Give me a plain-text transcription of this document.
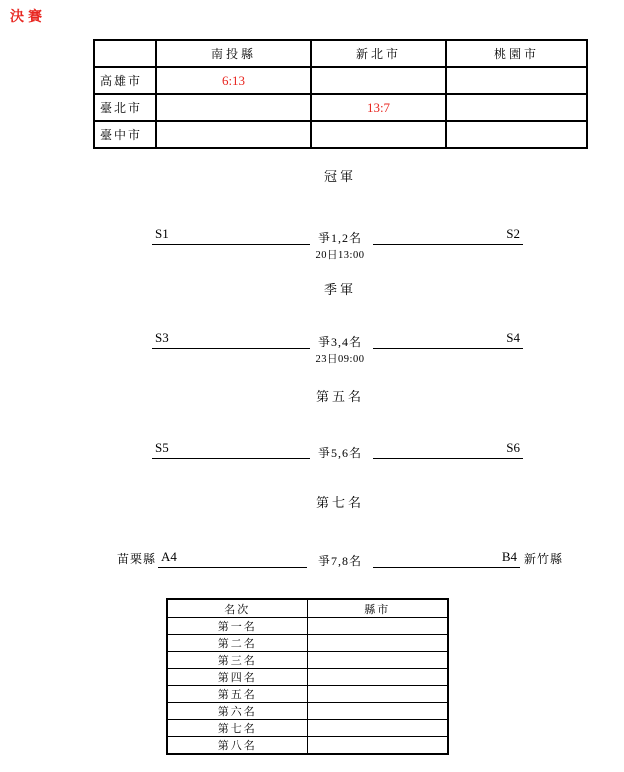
決賽
	南投縣	新北市	桃園市
高雄市	6:13		
臺北市		13:7	
臺中市			
冠軍
S1	爭1,2名
20日13:00
S2
季軍
S3	爭3,4名
23日09:00
S4
第五名
S5	爭5,6名	S6
第七名
苗栗縣 A4	爭7,8名	B4 新竹縣
名次	縣市
第一名	
第二名	
第三名	
第四名	
第五名	
第六名	
第七名	
第八名	
